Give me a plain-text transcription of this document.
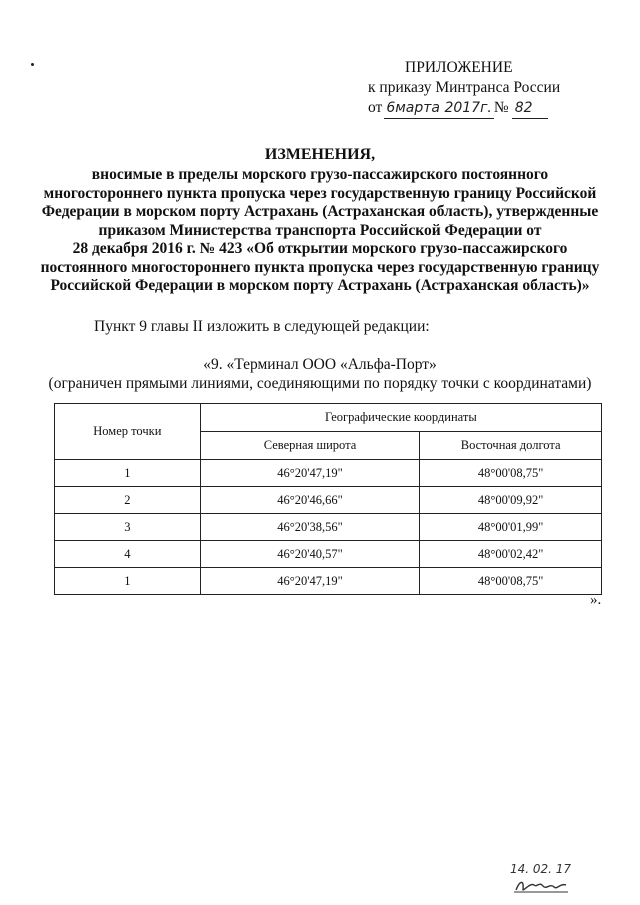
ПРИЛОЖЕНИЕ
к приказу Минтранса России
от 6марта 2017г. № 82
ИЗМЕНЕНИЯ,
вносимые в пределы морского грузо-пассажирского постоянного
многостороннего пункта пропуска через государственную границу Российской
Федерации в морском порту Астрахань (Астраханская область), утвержденные
приказом Министерства транспорта Российской Федерации от
28 декабря 2016 г. № 423 «Об открытии морского грузо-пассажирского
постоянного многостороннего пункта пропуска через государственную границу
Российской Федерации в морском порту Астрахань (Астраханская область)»
Пункт 9 главы II изложить в следующей редакции:
«9. «Терминал ООО «Альфа-Порт»
(ограничен прямыми линиями, соединяющими по порядку точки с координатами)
Номер точки	Географические координаты	
	Северная широта	Восточная долгота
1	46°20'47,19"	48°00'08,75"
2	46°20'46,66"	48°00'09,92"
3	46°20'38,56"	48°00'01,99"
4	46°20'40,57"	48°00'02,42"
1	46°20'47,19"	48°00'08,75"
».
14. 02. 17
